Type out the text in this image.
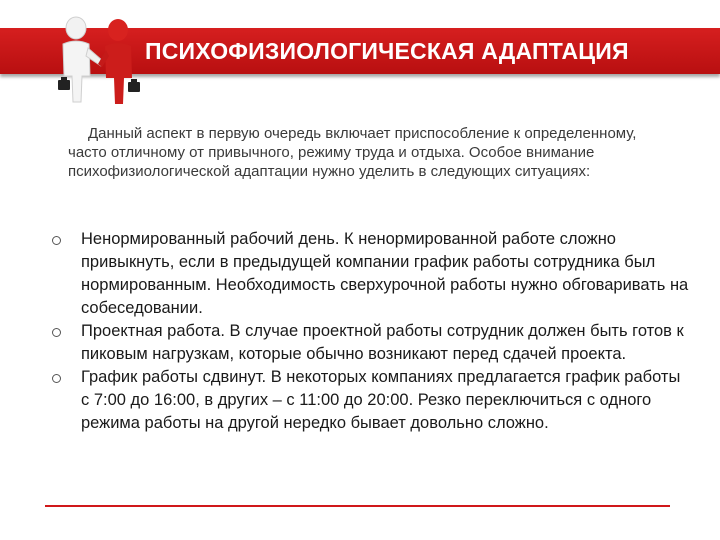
ПСИХОФИЗИОЛОГИЧЕСКАЯ АДАПТАЦИЯ
Данный аспект в первую очередь включает приспособление к определенному, часто отличному от привычного, режиму труда и отдыха. Особое внимание психофизиологической адаптации нужно уделить в следующих ситуациях:
Ненормированный рабочий день. К ненормированной работе сложно привыкнуть, если в предыдущей компании график работы сотрудника был нормированным. Необходимость сверхурочной работы нужно обговаривать на собеседовании.
Проектная работа. В случае проектной работы сотрудник должен быть готов к пиковым нагрузкам, которые обычно возникают перед сдачей проекта.
График работы сдвинут. В некоторых компаниях предлагается график работы с 7:00 до 16:00, в других – с 11:00 до 20:00. Резко переключиться с одного режима работы на другой нередко бывает довольно сложно.
